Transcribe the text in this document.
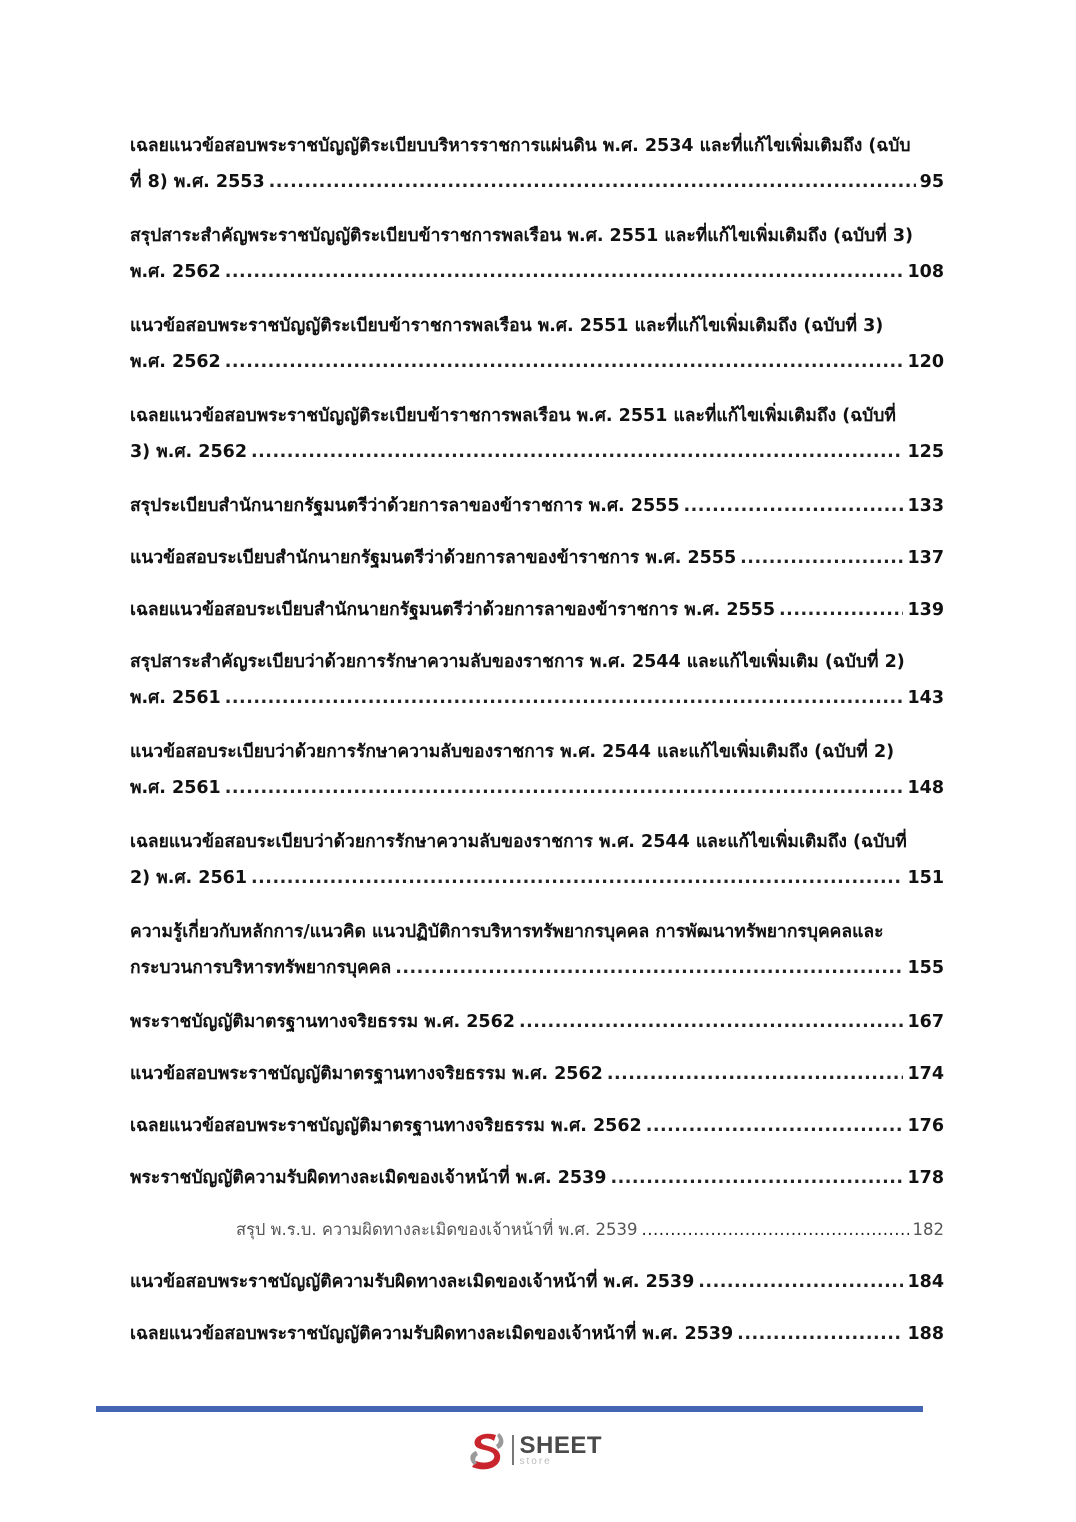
เฉลยแนวข้อสอบพระราชบัญญัติระเบียบบริหารราชการแผ่นดิน พ.ศ. 2534 และที่แก้ไขเพิ่มเติมถึง (ฉบับ
ที่ 8) พ.ศ. 2553 .....	95
สรุปสาระสำคัญพระราชบัญญัติระเบียบข้าราชการพลเรือน พ.ศ. 2551 และที่แก้ไขเพิ่มเติมถึง (ฉบับที่ 3)
พ.ศ. 2562 .....	108
แนวข้อสอบพระราชบัญญัติระเบียบข้าราชการพลเรือน พ.ศ. 2551 และที่แก้ไขเพิ่มเติมถึง (ฉบับที่ 3)
พ.ศ. 2562 .....	120
เฉลยแนวข้อสอบพระราชบัญญัติระเบียบข้าราชการพลเรือน พ.ศ. 2551 และที่แก้ไขเพิ่มเติมถึง (ฉบับที่
3) พ.ศ. 2562 .....	125
สรุประเบียบสำนักนายกรัฐมนตรีว่าด้วยการลาของข้าราชการ พ.ศ. 2555 .....	133
แนวข้อสอบระเบียบสำนักนายกรัฐมนตรีว่าด้วยการลาของข้าราชการ พ.ศ. 2555 .....	137
เฉลยแนวข้อสอบระเบียบสำนักนายกรัฐมนตรีว่าด้วยการลาของข้าราชการ พ.ศ. 2555 .....	139
สรุปสาระสำคัญระเบียบว่าด้วยการรักษาความลับของราชการ พ.ศ. 2544 และแก้ไขเพิ่มเติม (ฉบับที่ 2)
พ.ศ. 2561 .....	143
แนวข้อสอบระเบียบว่าด้วยการรักษาความลับของราชการ พ.ศ. 2544 และแก้ไขเพิ่มเติมถึง (ฉบับที่ 2)
พ.ศ. 2561 .....	148
เฉลยแนวข้อสอบระเบียบว่าด้วยการรักษาความลับของราชการ พ.ศ. 2544 และแก้ไขเพิ่มเติมถึง (ฉบับที่
2) พ.ศ. 2561 .....	151
ความรู้เกี่ยวกับหลักการ/แนวคิด แนวปฏิบัติการบริหารทรัพยากรบุคคล การพัฒนาทรัพยากรบุคคลและ
กระบวนการบริหารทรัพยากรบุคคล .....	155
พระราชบัญญัติมาตรฐานทางจริยธรรม พ.ศ. 2562 .....	167
แนวข้อสอบพระราชบัญญัติมาตรฐานทางจริยธรรม พ.ศ. 2562 .....	174
เฉลยแนวข้อสอบพระราชบัญญัติมาตรฐานทางจริยธรรม พ.ศ. 2562 .....	176
พระราชบัญญัติความรับผิดทางละเมิดของเจ้าหน้าที่ พ.ศ. 2539 .....	178
สรุป พ.ร.บ. ความผิดทางละเมิดของเจ้าหน้าที่ พ.ศ. 2539 .....	182
แนวข้อสอบพระราชบัญญัติความรับผิดทางละเมิดของเจ้าหน้าที่ พ.ศ. 2539 .....	184
เฉลยแนวข้อสอบพระราชบัญญัติความรับผิดทางละเมิดของเจ้าหน้าที่ พ.ศ. 2539 .....	188
SHEET
store
